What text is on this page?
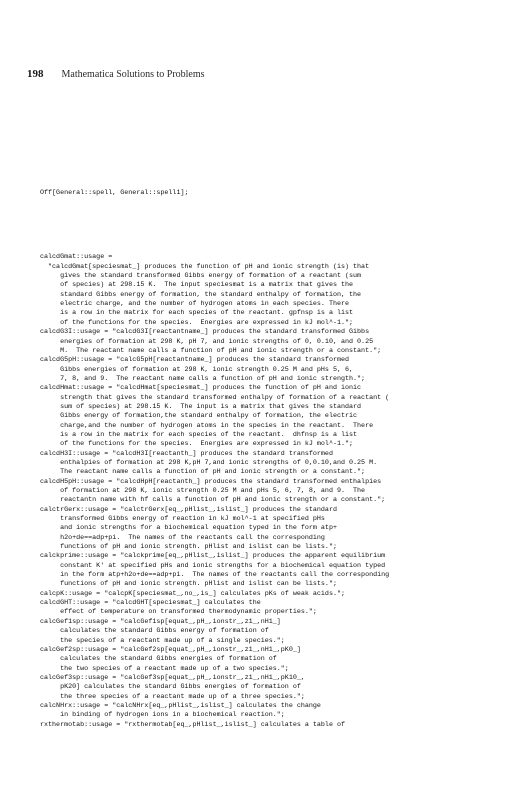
198 Mathematica Solutions to Problems

Off[General::spell, General::spell1];

calcdGmat::usage =
"calcdGmat[speciesmat_] produces the function of pH and ionic strength (is) that
gives the standard transformed Gibbs energy of formation of a reactant (sum
of species) at 298.15 K.  The input speciesmat is a matrix that gives the
standard Gibbs energy of formation, the standard enthalpy of formation, the
electric charge, and the number of hydrogen atoms in each species. There
is a row in the matrix for each species of the reactant. gpfnsp is a list
of the functions for the species.  Energies are expressed in kJ mol^-1.";
calcdG3I::usage = "calcdG3I[reactantname_] produces the standard transformed Gibbs
energies of formation at 298 K, pH 7, and ionic strengths of 0, 0.10, and 0.25
M.  The reactant name calls a function of pH and ionic strength or a constant.";
calcdG5pH::usage = "calcG5pH[reactantname_] produces the standard transformed
Gibbs energies of formation at 298 K, ionic strength 0.25 M and pHs 5, 6,
7, 8, and 9.  The reactant name calls a function of pH and ionic strength.";
calcdHmat::usage = "calcdHmat[speciesmat_] produces the function of pH and ionic
strength that gives the standard transformed enthalpy of formation of a reactant (
sum of species) at 298.15 K.  The input is a matrix that gives the standard
Gibbs energy of formation,the standard enthalpy of formation, the electric
charge,and the number of hydrogen atoms in the species in the reactant.  There
is a row in the matrix for each species of the reactant.  dhfnsp is a list
of the functions for the species.  Energies are expressed in kJ mol^-1.";
calcdH3I::usage = "calcdH3I[reactanth_] produces the standard transformed
enthalpies of formation at 298 K,pH 7,and ionic strengths of 0,0.10,and 0.25 M.
The reactant name calls a function of pH and ionic strength or a constant.";
calcdH5pH::usage = "calcdHpH[reactanth_] produces the standard transformed enthalpies
of formation at 298 K, ionic strength 0.25 M and pHs 5, 6, 7, 8, and 9.  The
reactantn name with hf calls a function of pH and ionic strength or a constant.";
calctrGerx::usage = "calctrGerx[eq_,pHlist_,islist_] produces the standard
transformed Gibbs energy of reaction in kJ mol^-1 at specified pHs
and ionic strengths for a biochemical equation typed in the form atp+
h2o+de==adp+pi.  The names of the reactants call the corresponding
functions of pH and ionic strength. pHlist and islist can be lists.";
calckprime::usage = "calckprime[eq_,pHlist_,islist_] produces the apparent equilibrium
constant K' at specified pHs and ionic strengths for a biochemical equation typed
in the form atp+h2o+de==adp+pi.  The names of the reactants call the corresponding
functions of pH and ionic strength. pHlist and islist can be lists.";
calcpK::usage = "calcpK[speciesmat_,no_,is_] calculates pKs of weak acids.";
calcdGHT::usage = "calcdGHT[speciesmat_] calculates the
effect of temperature on transformed thermodynamic properties.";
calcGef1sp::usage = "calcGef1sp[equat_,pH_,ionstr_,z1_,nH1_]
calculates the standard Gibbs energy of formation of
the species of a reactant made up of a single species.";
calcGef2sp::usage = "calcGef2sp[equat_,pH_,ionstr_,z1_,nH1_,pK0_]
calculates the standard Gibbs energies of formation of
the two species of a reactant made up of a two species.";
calcGef3sp::usage = "calcGef3sp[equat_,pH_,ionstr_,z1_,nH1_,pK10_,
pK20] calculates the standard Gibbs energies of formation of
the three species of a reactant made up of a three species.";
calcNHrx::usage = "calcNHrx[eq_,pHlist_,islist_] calculates the change
in binding of hydrogen ions in a biochemical reaction.";
rxthermotab::usage = "rxthermotab[eq_,pHlist_,islist_] calculates a table of
